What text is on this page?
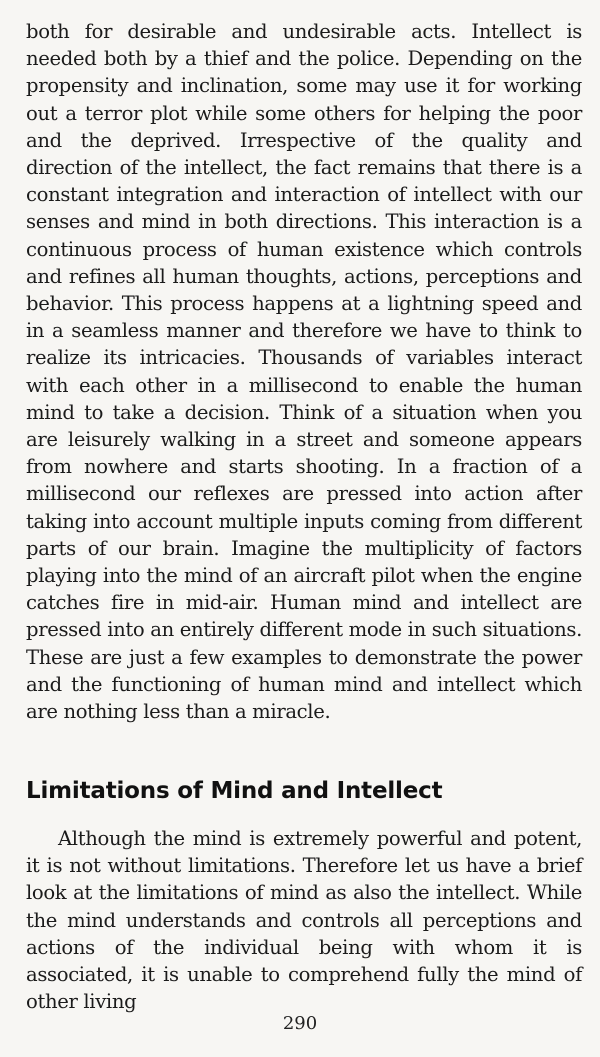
both for desirable and undesirable acts. Intellect is needed both by a thief and the police. Depending on the propensity and inclination, some may use it for working out a terror plot while some others for helping the poor and the deprived. Irrespective of the quality and direction of the intellect, the fact remains that there is a constant integration and interaction of intellect with our senses and mind in both directions. This interaction is a continuous process of human existence which controls and refines all human thoughts, actions, perceptions and behavior. This process happens at a lightning speed and in a seamless manner and therefore we have to think to realize its intricacies. Thousands of variables interact with each other in a millisecond to enable the human mind to take a decision. Think of a situation when you are leisurely walking in a street and someone appears from nowhere and starts shooting. In a fraction of a millisecond our reflexes are pressed into action after taking into account multiple inputs coming from different parts of our brain. Imagine the multiplicity of factors playing into the mind of an aircraft pilot when the engine catches fire in mid-air. Human mind and intellect are pressed into an entirely different mode in such situations. These are just a few examples to demonstrate the power and the functioning of human mind and intellect which are nothing less than a miracle.

Limitations of Mind and Intellect

Although the mind is extremely powerful and potent, it is not without limitations. Therefore let us have a brief look at the limitations of mind as also the intellect. While the mind understands and controls all perceptions and actions of the individual being with whom it is associated, it is unable to comprehend fully the mind of other living

290
